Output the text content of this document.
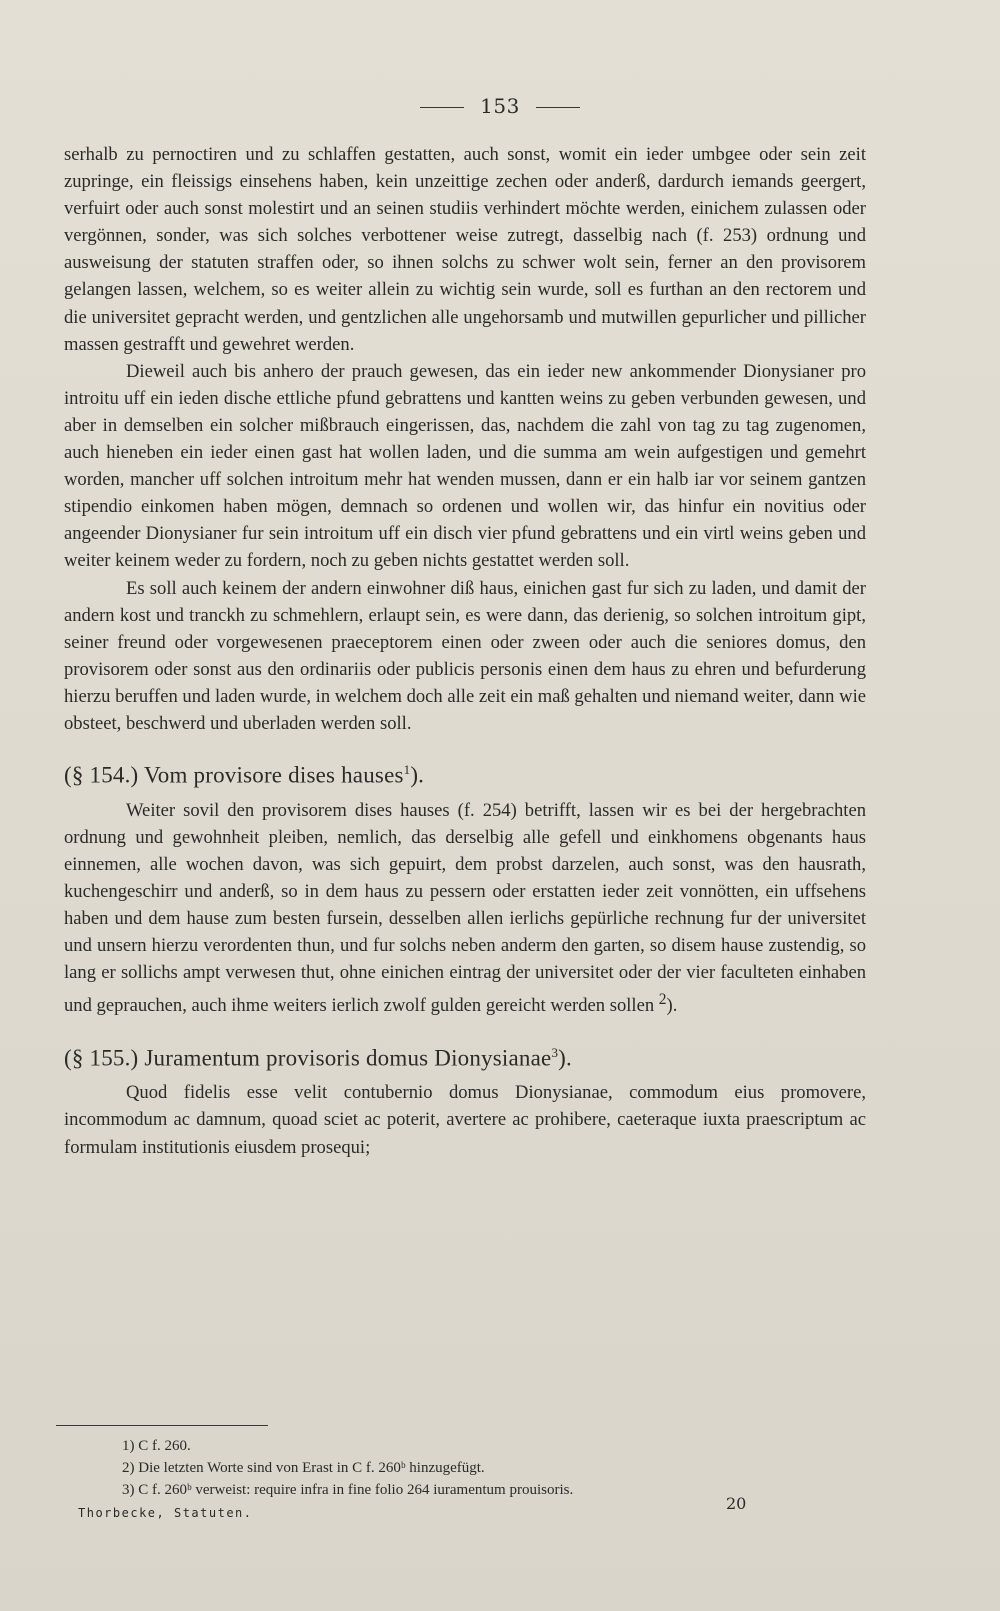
153

serhalb zu pernoctiren und zu schlaffen gestatten, auch sonst, womit ein ieder umbgee oder sein zeit zupringe, ein fleissigs einsehens haben, kein unzeittige zechen oder anderß, dardurch iemands geergert, verfuirt oder auch sonst molestirt und an seinen studiis verhindert möchte werden, einichem zulassen oder vergönnen, sonder, was sich solches verbottener weise zutregt, dasselbig nach (f. 253) ordnung und ausweisung der statuten straffen oder, so ihnen solchs zu schwer wolt sein, ferner an den provisorem gelangen lassen, welchem, so es weiter allein zu wichtig sein wurde, soll es furthan an den rectorem und die universitet gepracht werden, und gentzlichen alle ungehorsamb und mutwillen gepurlicher und pillicher massen gestrafft und gewehret werden.

Dieweil auch bis anhero der prauch gewesen, das ein ieder new ankommender Dionysianer pro introitu uff ein ieden dische ettliche pfund gebrattens und kantten weins zu geben verbunden gewesen, und aber in demselben ein solcher mißbrauch eingerissen, das, nachdem die zahl von tag zu tag zugenomen, auch hieneben ein ieder einen gast hat wollen laden, und die summa am wein aufgestigen und gemehrt worden, mancher uff solchen introitum mehr hat wenden mussen, dann er ein halb iar vor seinem gantzen stipendio einkomen haben mögen, demnach so ordenen und wollen wir, das hinfur ein novitius oder angeender Dionysianer fur sein introitum uff ein disch vier pfund gebrattens und ein virtl weins geben und weiter keinem weder zu fordern, noch zu geben nichts gestattet werden soll.

Es soll auch keinem der andern einwohner diß haus, einichen gast fur sich zu laden, und damit der andern kost und tranckh zu schmehlern, erlaupt sein, es were dann, das derienig, so solchen introitum gipt, seiner freund oder vorgewesenen praeceptorem einen oder zween oder auch die seniores domus, den provisorem oder sonst aus den ordinariis oder publicis personis einen dem haus zu ehren und befurderung hierzu beruffen und laden wurde, in welchem doch alle zeit ein maß gehalten und niemand weiter, dann wie obsteet, beschwerd und uberladen werden soll.

(§ 154.) Vom provisore dises hauses$^1$).

Weiter sovil den provisorem dises hauses (f. 254) betrifft, lassen wir es bei der hergebrachten ordnung und gewohnheit pleiben, nemlich, das derselbig alle gefell und einkhomens obgenants haus einnemen, alle wochen davon, was sich gepuirt, dem probst darzelen, auch sonst, was den hausrath, kuchengeschirr und anderß, so in dem haus zu pessern oder erstatten ieder zeit vonnötten, ein uffsehens haben und dem hause zum besten fursein, desselben allen ierlichs gepürliche rechnung fur der universitet und unsern hierzu verordenten thun, und fur solchs neben anderm den garten, so disem hause zustendig, so lang er sollichs ampt verwesen thut, ohne einichen eintrag der universitet oder der vier faculteten einhaben und geprauchen, auch ihme weiters ierlich zwolf gulden gereicht werden sollen $^2$).

(§ 155.) Juramentum provisoris domus Dionysianae$^3$).

Quod fidelis esse velit contubernio domus Dionysianae, commodum eius promovere, incommodum ac damnum, quoad sciet ac poterit, avertere ac prohibere, caeteraque iuxta praescriptum ac formulam institutionis eiusdem prosequi;

1) C f. 260.
2) Die letzten Worte sind von Erast in C f. 260ᵇ hinzugefügt.
3) C f. 260ᵇ verweist: require infra in fine folio 264 iuramentum prouisoris.
20
Thorbecke, Statuten.
